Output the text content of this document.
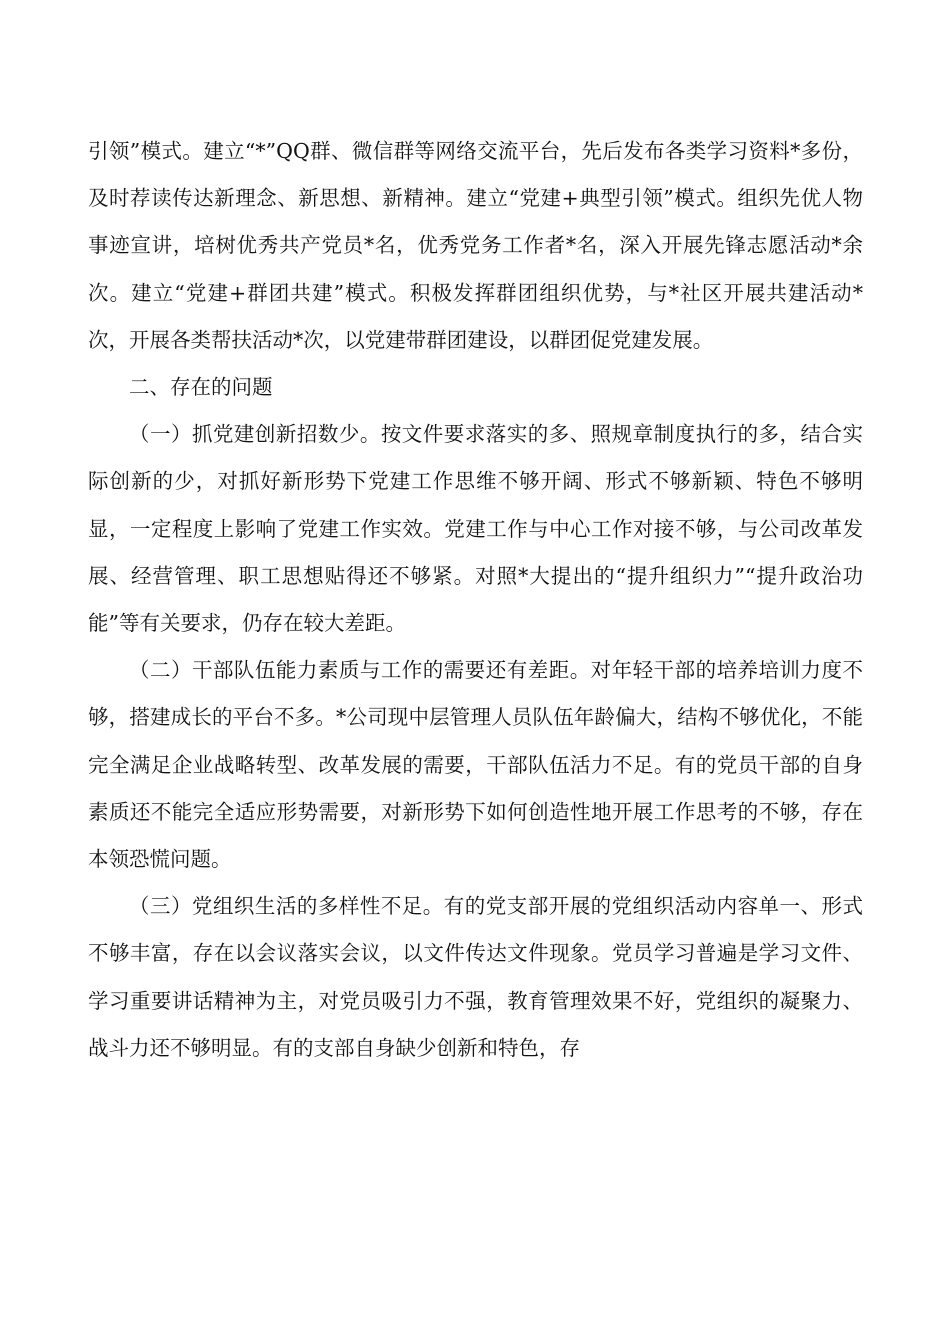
引领”模式。建立“*”QQ群、微信群等网络交流平台，先后发布各类学习资料*多份，及时荐读传达新理念、新思想、新精神。建立“党建+典型引领”模式。组织先优人物事迹宣讲，培树优秀共产党员*名，优秀党务工作者*名，深入开展先锋志愿活动*余次。建立“党建+群团共建”模式。积极发挥群团组织优势，与*社区开展共建活动*次，开展各类帮扶活动*次，以党建带群团建设，以群团促党建发展。

二、存在的问题

（一）抓党建创新招数少。按文件要求落实的多、照规章制度执行的多，结合实际创新的少，对抓好新形势下党建工作思维不够开阔、形式不够新颖、特色不够明显，一定程度上影响了党建工作实效。党建工作与中心工作对接不够，与公司改革发展、经营管理、职工思想贴得还不够紧。对照*大提出的“提升组织力”“提升政治功能”等有关要求，仍存在较大差距。

（二）干部队伍能力素质与工作的需要还有差距。对年轻干部的培养培训力度不够，搭建成长的平台不多。*公司现中层管理人员队伍年龄偏大，结构不够优化，不能完全满足企业战略转型、改革发展的需要，干部队伍活力不足。有的党员干部的自身素质还不能完全适应形势需要，对新形势下如何创造性地开展工作思考的不够，存在本领恐慌问题。

（三）党组织生活的多样性不足。有的党支部开展的党组织活动内容单一、形式不够丰富，存在以会议落实会议，以文件传达文件现象。党员学习普遍是学习文件、学习重要讲话精神为主，对党员吸引力不强，教育管理效果不好，党组织的凝聚力、战斗力还不够明显。有的支部自身缺少创新和特色，存
